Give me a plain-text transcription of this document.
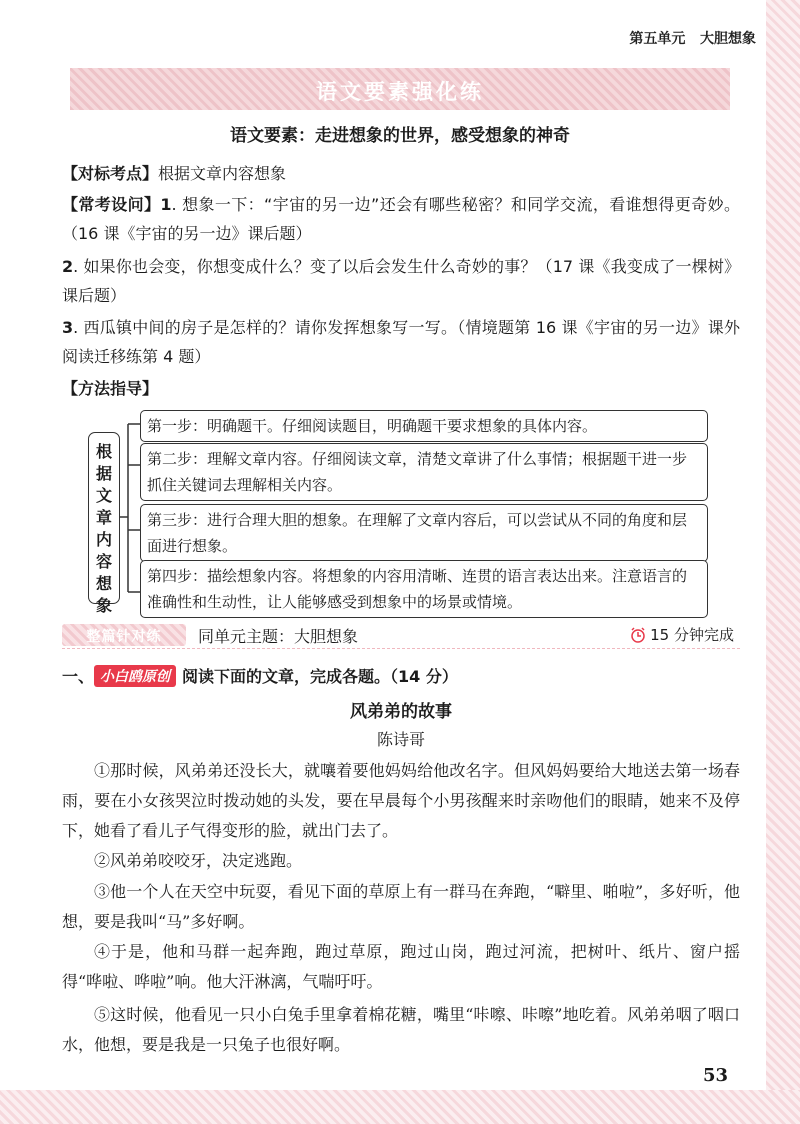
第五单元 大胆想象
语文要素强化练
语文要素：走进想象的世界，感受想象的神奇
【对标考点】根据文章内容想象
【常考设问】1. 想象一下：“宇宙的另一边”还会有哪些秘密？和同学交流，看谁想得更奇妙。（16 课《宇宙的另一边》课后题）
2. 如果你也会变，你想变成什么？变了以后会发生什么奇妙的事？（17 课《我变成了一棵树》课后题）
3. 西瓜镇中间的房子是怎样的？请你发挥想象写一写。（情境题第 16 课《宇宙的另一边》课外阅读迁移练第 4 题）
【方法指导】
根
据
文
章
内
容
想
象
第一步：明确题干。仔细阅读题目，明确题干要求想象的具体内容。
第二步：理解文章内容。仔细阅读文章，清楚文章讲了什么事情；根据题干进一步抓住关键词去理解相关内容。
第三步：进行合理大胆的想象。在理解了文章内容后，可以尝试从不同的角度和层面进行想象。
第四步：描绘想象内容。将想象的内容用清晰、连贯的语言表达出来。注意语言的准确性和生动性，让人能够感受到想象中的场景或情境。
整篇针对练	同单元主题：大胆想象	15 分钟完成
一、 小白鸥原创 阅读下面的文章，完成各题。（14 分）
风弟弟的故事
陈诗哥
①那时候，风弟弟还没长大，就嚷着要他妈妈给他改名字。但风妈妈要给大地送去第一场春雨，要在小女孩哭泣时拨动她的头发，要在早晨每个小男孩醒来时亲吻他们的眼睛，她来不及停下，她看了看儿子气得变形的脸，就出门去了。
②风弟弟咬咬牙，决定逃跑。
③他一个人在天空中玩耍，看见下面的草原上有一群马在奔跑，“噼里、啪啦”，多好听，他想，要是我叫“马”多好啊。
④于是，他和马群一起奔跑，跑过草原，跑过山岗，跑过河流，把树叶、纸片、窗户摇得“哗啦、哗啦”响。他大汗淋漓，气喘吁吁。
⑤这时候，他看见一只小白兔手里拿着棉花糖，嘴里“咔嚓、咔嚓”地吃着。风弟弟咽了咽口水，他想，要是我是一只兔子也很好啊。
53
